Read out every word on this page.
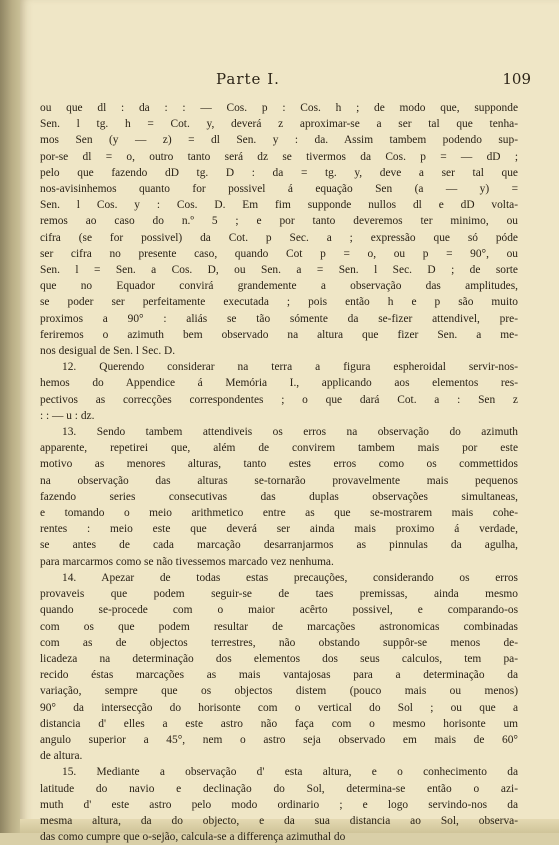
Parte I.	109

ou que dl : da : : — Cos. p : Cos. h ; de modo que, supponde

Sen. l tg. h = Cot. y, deverá z aproximar-se a ser tal que tenha-

mos Sen (y — z) = dl Sen. y : da. Assim tambem podendo sup-

por-se dl = o, outro tanto será dz se tivermos da Cos. p = — dD ;

pelo que fazendo dD tg. D : da = tg. y, deve a ser tal que

nos-avisinhemos quanto for possivel á equação Sen (a — y) =

Sen. l Cos. y : Cos. D. Em fim supponde nullos dl e dD volta-

remos ao caso do n.º 5 ; e por tanto deveremos ter minimo, ou

cifra (se for possivel) da Cot. p Sec. a ; expressão que só póde

ser cifra no presente caso, quando Cot p = o, ou p = 90°, ou

Sen. l = Sen. a Cos. D, ou Sen. a = Sen. l Sec. D ; de sorte

que no Equador convirá grandemente a observação das amplitudes,

se poder ser perfeitamente executada ; pois então h e p são muito

proximos a 90° : aliás se tão sómente da se-fizer attendivel, pre-

feriremos o azimuth bem observado na altura que fizer Sen. a me-

nos desigual de Sen. l Sec. D.

12. Querendo considerar na terra a figura espheroidal servir-nos-

hemos do Appendice á Memória I., applicando aos elementos res-

pectivos as correcções correspondentes ; o que dará Cot. a : Sen z

: : — u : dz.

13. Sendo tambem attendiveis os erros na observação do azimuth

apparente, repetirei que, além de convirem tambem mais por este

motivo as menores alturas, tanto estes erros como os commettidos

na observação das alturas se-tornarão provavelmente mais pequenos

fazendo series consecutivas das duplas observações simultaneas,

e tomando o meio arithmetico entre as que se-mostrarem mais cohe-

rentes : meio este que deverá ser ainda mais proximo á verdade,

se antes de cada marcação desarranjarmos as pinnulas da agulha,

para marcarmos como se não tivessemos marcado vez nenhuma.

14. Apezar de todas estas precauções, considerando os erros

provaveis que podem seguir-se de taes premissas, ainda mesmo

quando se-procede com o maior acêrto possivel, e comparando-os

com os que podem resultar de marcações astronomicas combinadas

com as de objectos terrestres, não obstando suppôr-se menos de-

licadeza na determinação dos elementos dos seus calculos, tem pa-

recido éstas marcações as mais vantajosas para a determinação da

variação, sempre que os objectos distem (pouco mais ou menos)

90° da intersecção do horisonte com o vertical do Sol ; ou que a

distancia d' elles a este astro não faça com o mesmo horisonte um

angulo superior a 45°, nem o astro seja observado em mais de 60°

de altura.

15. Mediante a observação d' esta altura, e o conhecimento da

latitude do navio e declinação do Sol, determina-se então o azi-

muth d' este astro pelo modo ordinario ; e logo servindo-nos da

mesma altura, da do objecto, e da sua distancia ao Sol, observa-

das como cumpre que o-sejão, calcula-se a differença azimuthal do
